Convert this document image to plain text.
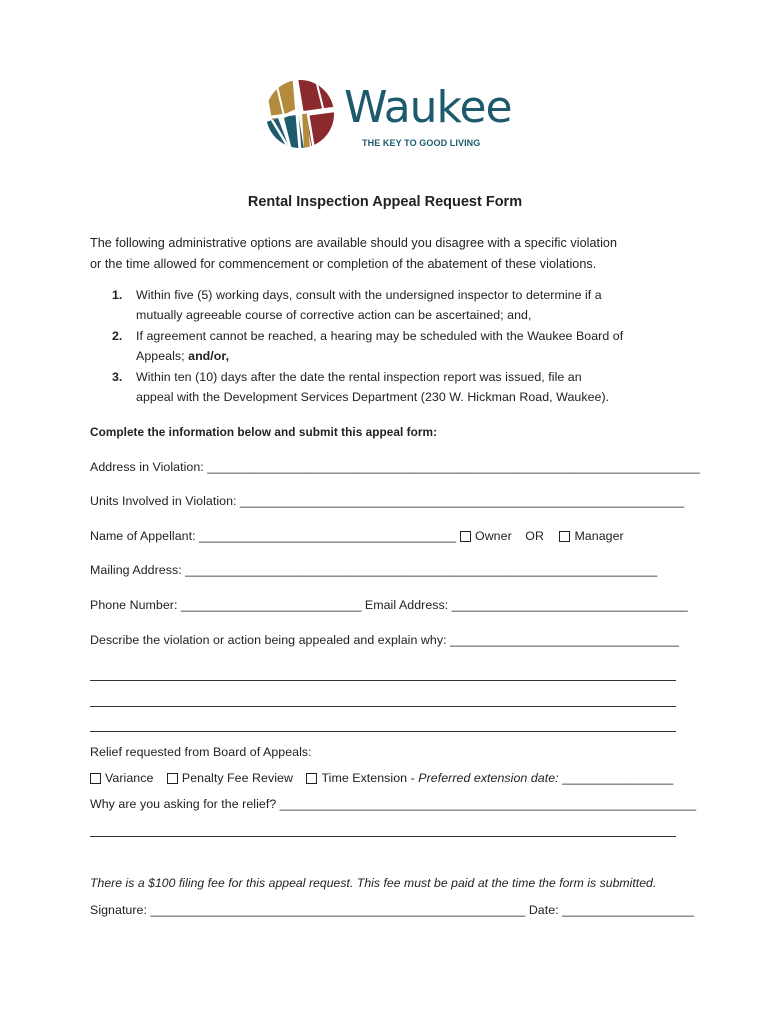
Waukee
THE KEY TO GOOD LIVING
Rental Inspection Appeal Request Form
The following administrative options are available should you disagree with a specific violation
or the time allowed for commencement or completion of the abatement of these violations.
1. Within five (5) working days, consult with the undersigned inspector to determine if a
mutually agreeable course of corrective action can be ascertained; and,
2. If agreement cannot be reached, a hearing may be scheduled with the Waukee Board of
Appeals; and/or,
3. Within ten (10) days after the date the rental inspection report was issued, file an
appeal with the Development Services Department (230 W. Hickman Road, Waukee).
Complete the information below and submit this appeal form:
Address in Violation: _______________________________________________________________________
Units Involved in Violation: ________________________________________________________________
Name of Appellant: _____________________________________	Owner OR Manager
Mailing Address: ____________________________________________________________________
Phone Number: __________________________ Email Address: __________________________________
Describe the violation or action being appealed and explain why: _________________________________
Relief requested from Board of Appeals:
Variance Penalty Fee Review Time Extension - Preferred extension date: ________________
Why are you asking for the relief? ____________________________________________________________
There is a $100 filing fee for this appeal request. This fee must be paid at the time the form is submitted.
Signature: ______________________________________________________ Date: ___________________
